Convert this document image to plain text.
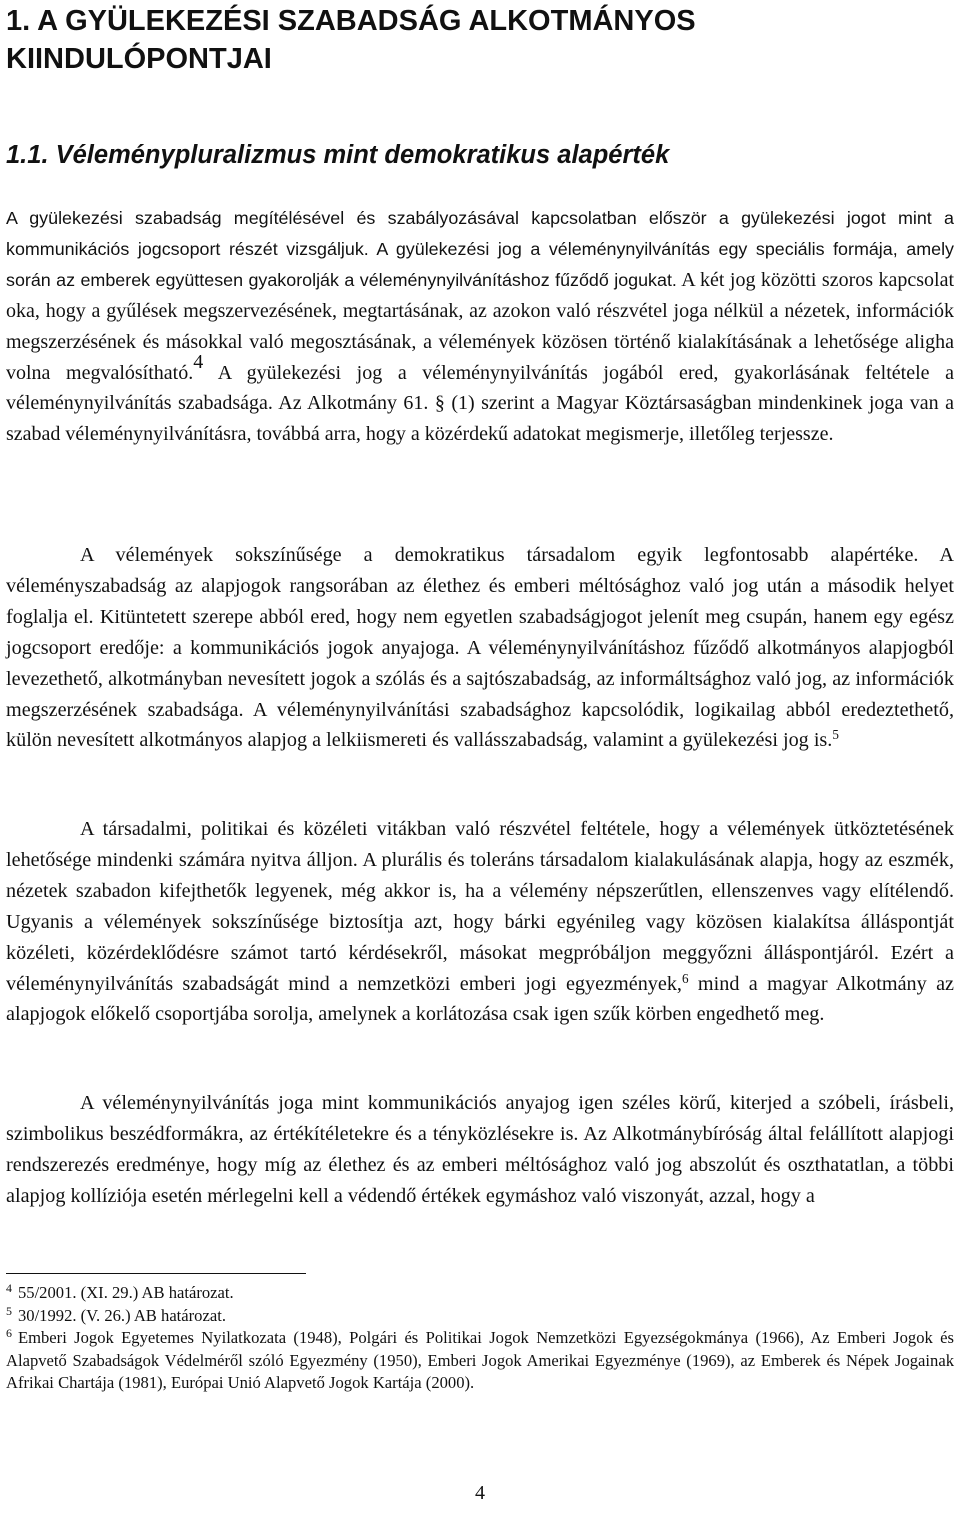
1. A GYÜLEKEZÉSI SZABADSÁG ALKOTMÁNYOS KIINDULÓPONTJAI
1.1. Véleménypluralizmus mint demokratikus alapérték

A gyülekezési szabadság megítélésével és szabályozásával kapcsolatban először a gyülekezési jogot mint a kommunikációs jogcsoport részét vizsgáljuk. A gyülekezési jog a véleménynyilvánítás egy speciális formája, amely során az emberek együttesen gyakorolják a véleménynyilvánításhoz fűződő jogukat. A két jog közötti szoros kapcsolat oka, hogy a gyűlések megszervezésének, megtartásának, az azokon való részvétel joga nélkül a nézetek, információk megszerzésének és másokkal való megosztásának, a vélemények közösen történő kialakításának a lehetősége aligha volna megvalósítható.$^4$ A gyülekezési jog a véleménynyilvánítás jogából ered, gyakorlásának feltétele a véleménynyilvánítás szabadsága. Az Alkotmány 61. § (1) szerint a Magyar Köztársaságban mindenkinek joga van a szabad véleménynyilvánításra, továbbá arra, hogy a közérdekű adatokat megismerje, illetőleg terjessze.

A vélemények sokszínűsége a demokratikus társadalom egyik legfontosabb alapértéke. A véleményszabadság az alapjogok rangsorában az élethez és emberi méltósághoz való jog után a második helyet foglalja el. Kitüntetett szerepe abból ered, hogy nem egyetlen szabadságjogot jelenít meg csupán, hanem egy egész jogcsoport eredője: a kommunikációs jogok anyajoga. A véleménynyilvánításhoz fűződő alkotmányos alapjogból levezethető, alkotmányban nevesített jogok a szólás és a sajtószabadság, az informáltsághoz való jog, az információk megszerzésének szabadsága. A véleménynyilvánítási szabadsághoz kapcsolódik, logikailag abból eredeztethető, külön nevesített alkotmányos alapjog a lelkiismereti és vallásszabadság, valamint a gyülekezési jog is.$^5$

A társadalmi, politikai és közéleti vitákban való részvétel feltétele, hogy a vélemények ütköztetésének lehetősége mindenki számára nyitva álljon. A plurális és toleráns társadalom kialakulásának alapja, hogy az eszmék, nézetek szabadon kifejthetők legyenek, még akkor is, ha a vélemény népszerűtlen, ellenszenves vagy elítélendő. Ugyanis a vélemények sokszínűsége biztosítja azt, hogy bárki egyénileg vagy közösen kialakítsa álláspontját közéleti, közérdeklődésre számot tartó kérdésekről, másokat megpróbáljon meggyőzni álláspontjáról. Ezért a véleménynyilvánítás szabadságát mind a nemzetközi emberi jogi egyezmények,$^6$ mind a magyar Alkotmány az alapjogok előkelő csoportjába sorolja, amelynek a korlátozása csak igen szűk körben engedhető meg.

A véleménynyilvánítás joga mint kommunikációs anyajog igen széles körű, kiterjed a szóbeli, írásbeli, szimbolikus beszédformákra, az értékítéletekre és a tényközlésekre is. Az Alkotmánybíróság által felállított alapjogi rendszerezés eredménye, hogy míg az élethez és az emberi méltósághoz való jog abszolút és oszthatatlan, a többi alapjog kollíziója esetén mérlegelni kell a védendő értékek egymáshoz való viszonyát, azzal, hogy a

$^4$ 55/2001. (XI. 29.) AB határozat.

$^5$ 30/1992. (V. 26.) AB határozat.

$^6$ Emberi Jogok Egyetemes Nyilatkozata (1948), Polgári és Politikai Jogok Nemzetközi Egyezségokmánya (1966), Az Emberi Jogok és Alapvető Szabadságok Védelméről szóló Egyezmény (1950), Emberi Jogok Amerikai Egyezménye (1969), az Emberek és Népek Jogainak Afrikai Chartája (1981), Európai Unió Alapvető Jogok Kartája (2000).

4
